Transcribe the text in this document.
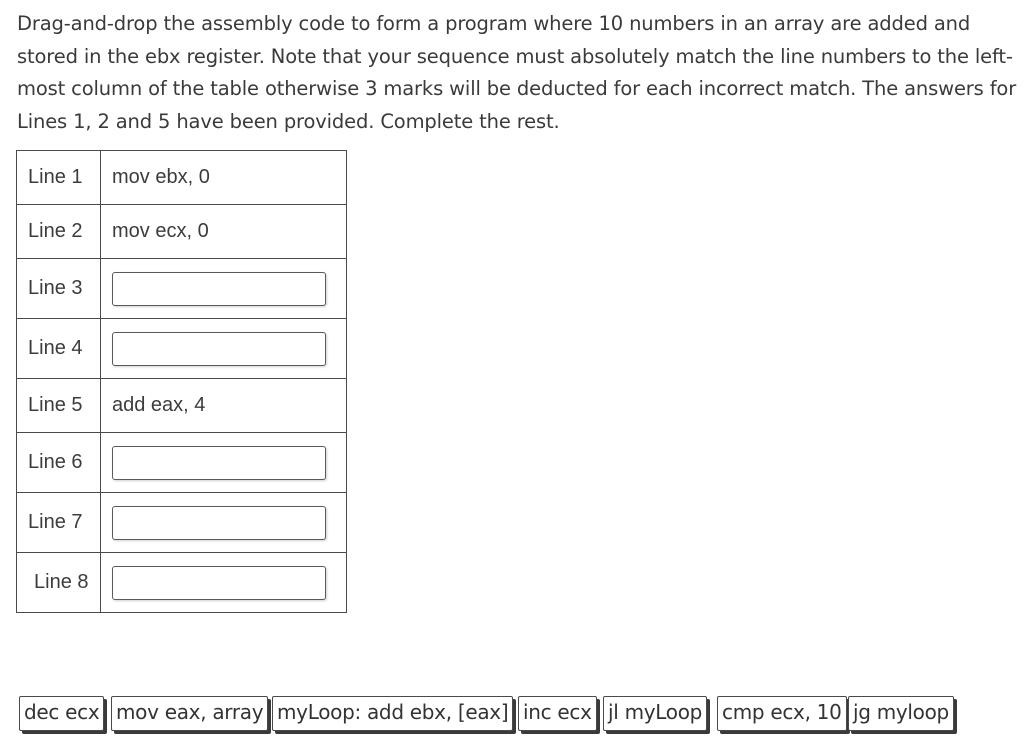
Drag-and-drop the assembly code to form a program where 10 numbers in an array are added and stored in the ebx register. Note that your sequence must absolutely match the line numbers to the left-most column of the table otherwise 3 marks will be deducted for each incorrect match. The answers for Lines 1, 2 and 5 have been provided. Complete the rest.
Line 1	mov ebx, 0
Line 2	mov ecx, 0
Line 3	

Line 4	

Line 5	add eax, 4
Line 6	

Line 7	

Line 8	
dec ecx mov eax, array myLoop: add ebx, [eax] inc ecx jl myLoop cmp ecx, 10 jg myloop
